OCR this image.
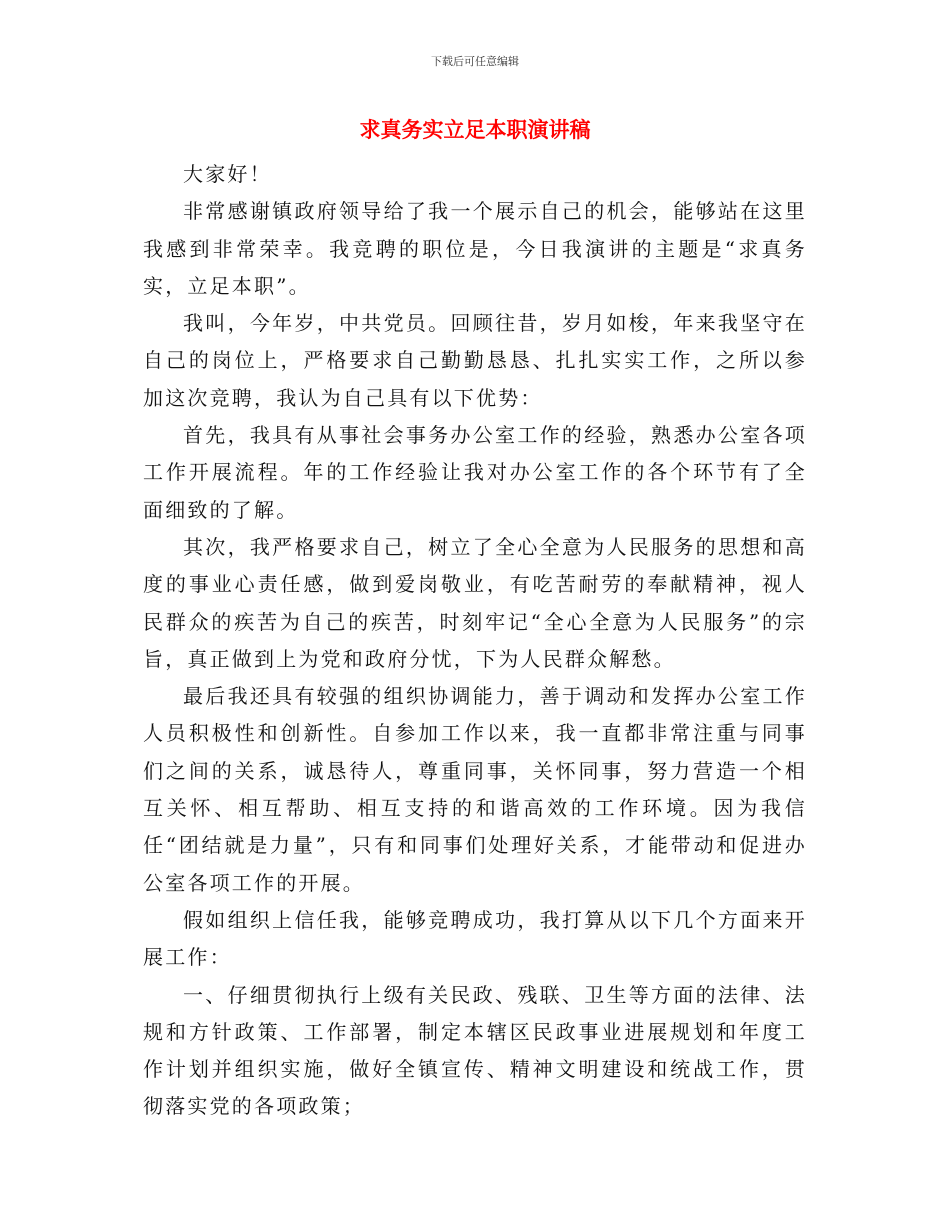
下载后可任意编辑
求真务实立足本职演讲稿

大家好！

非常感谢镇政府领导给了我一个展示自己的机会，能够站在这里我感到非常荣幸。我竞聘的职位是，今日我演讲的主题是“求真务实，立足本职”。

我叫，今年岁，中共党员。回顾往昔，岁月如梭，年来我坚守在自己的岗位上，严格要求自己勤勤恳恳、扎扎实实工作，之所以参加这次竞聘，我认为自己具有以下优势：

首先，我具有从事社会事务办公室工作的经验，熟悉办公室各项工作开展流程。年的工作经验让我对办公室工作的各个环节有了全面细致的了解。

其次，我严格要求自己，树立了全心全意为人民服务的思想和高度的事业心责任感，做到爱岗敬业，有吃苦耐劳的奉献精神，视人民群众的疾苦为自己的疾苦，时刻牢记“全心全意为人民服务”的宗旨，真正做到上为党和政府分忧，下为人民群众解愁。

最后我还具有较强的组织协调能力，善于调动和发挥办公室工作人员积极性和创新性。自参加工作以来，我一直都非常注重与同事们之间的关系，诚恳待人，尊重同事，关怀同事，努力营造一个相互关怀、相互帮助、相互支持的和谐高效的工作环境。因为我信任“团结就是力量”，只有和同事们处理好关系，才能带动和促进办公室各项工作的开展。

假如组织上信任我，能够竞聘成功，我打算从以下几个方面来开展工作：

一、仔细贯彻执行上级有关民政、残联、卫生等方面的法律、法规和方针政策、工作部署，制定本辖区民政事业进展规划和年度工作计划并组织实施，做好全镇宣传、精神文明建设和统战工作，贯彻落实党的各项政策；
